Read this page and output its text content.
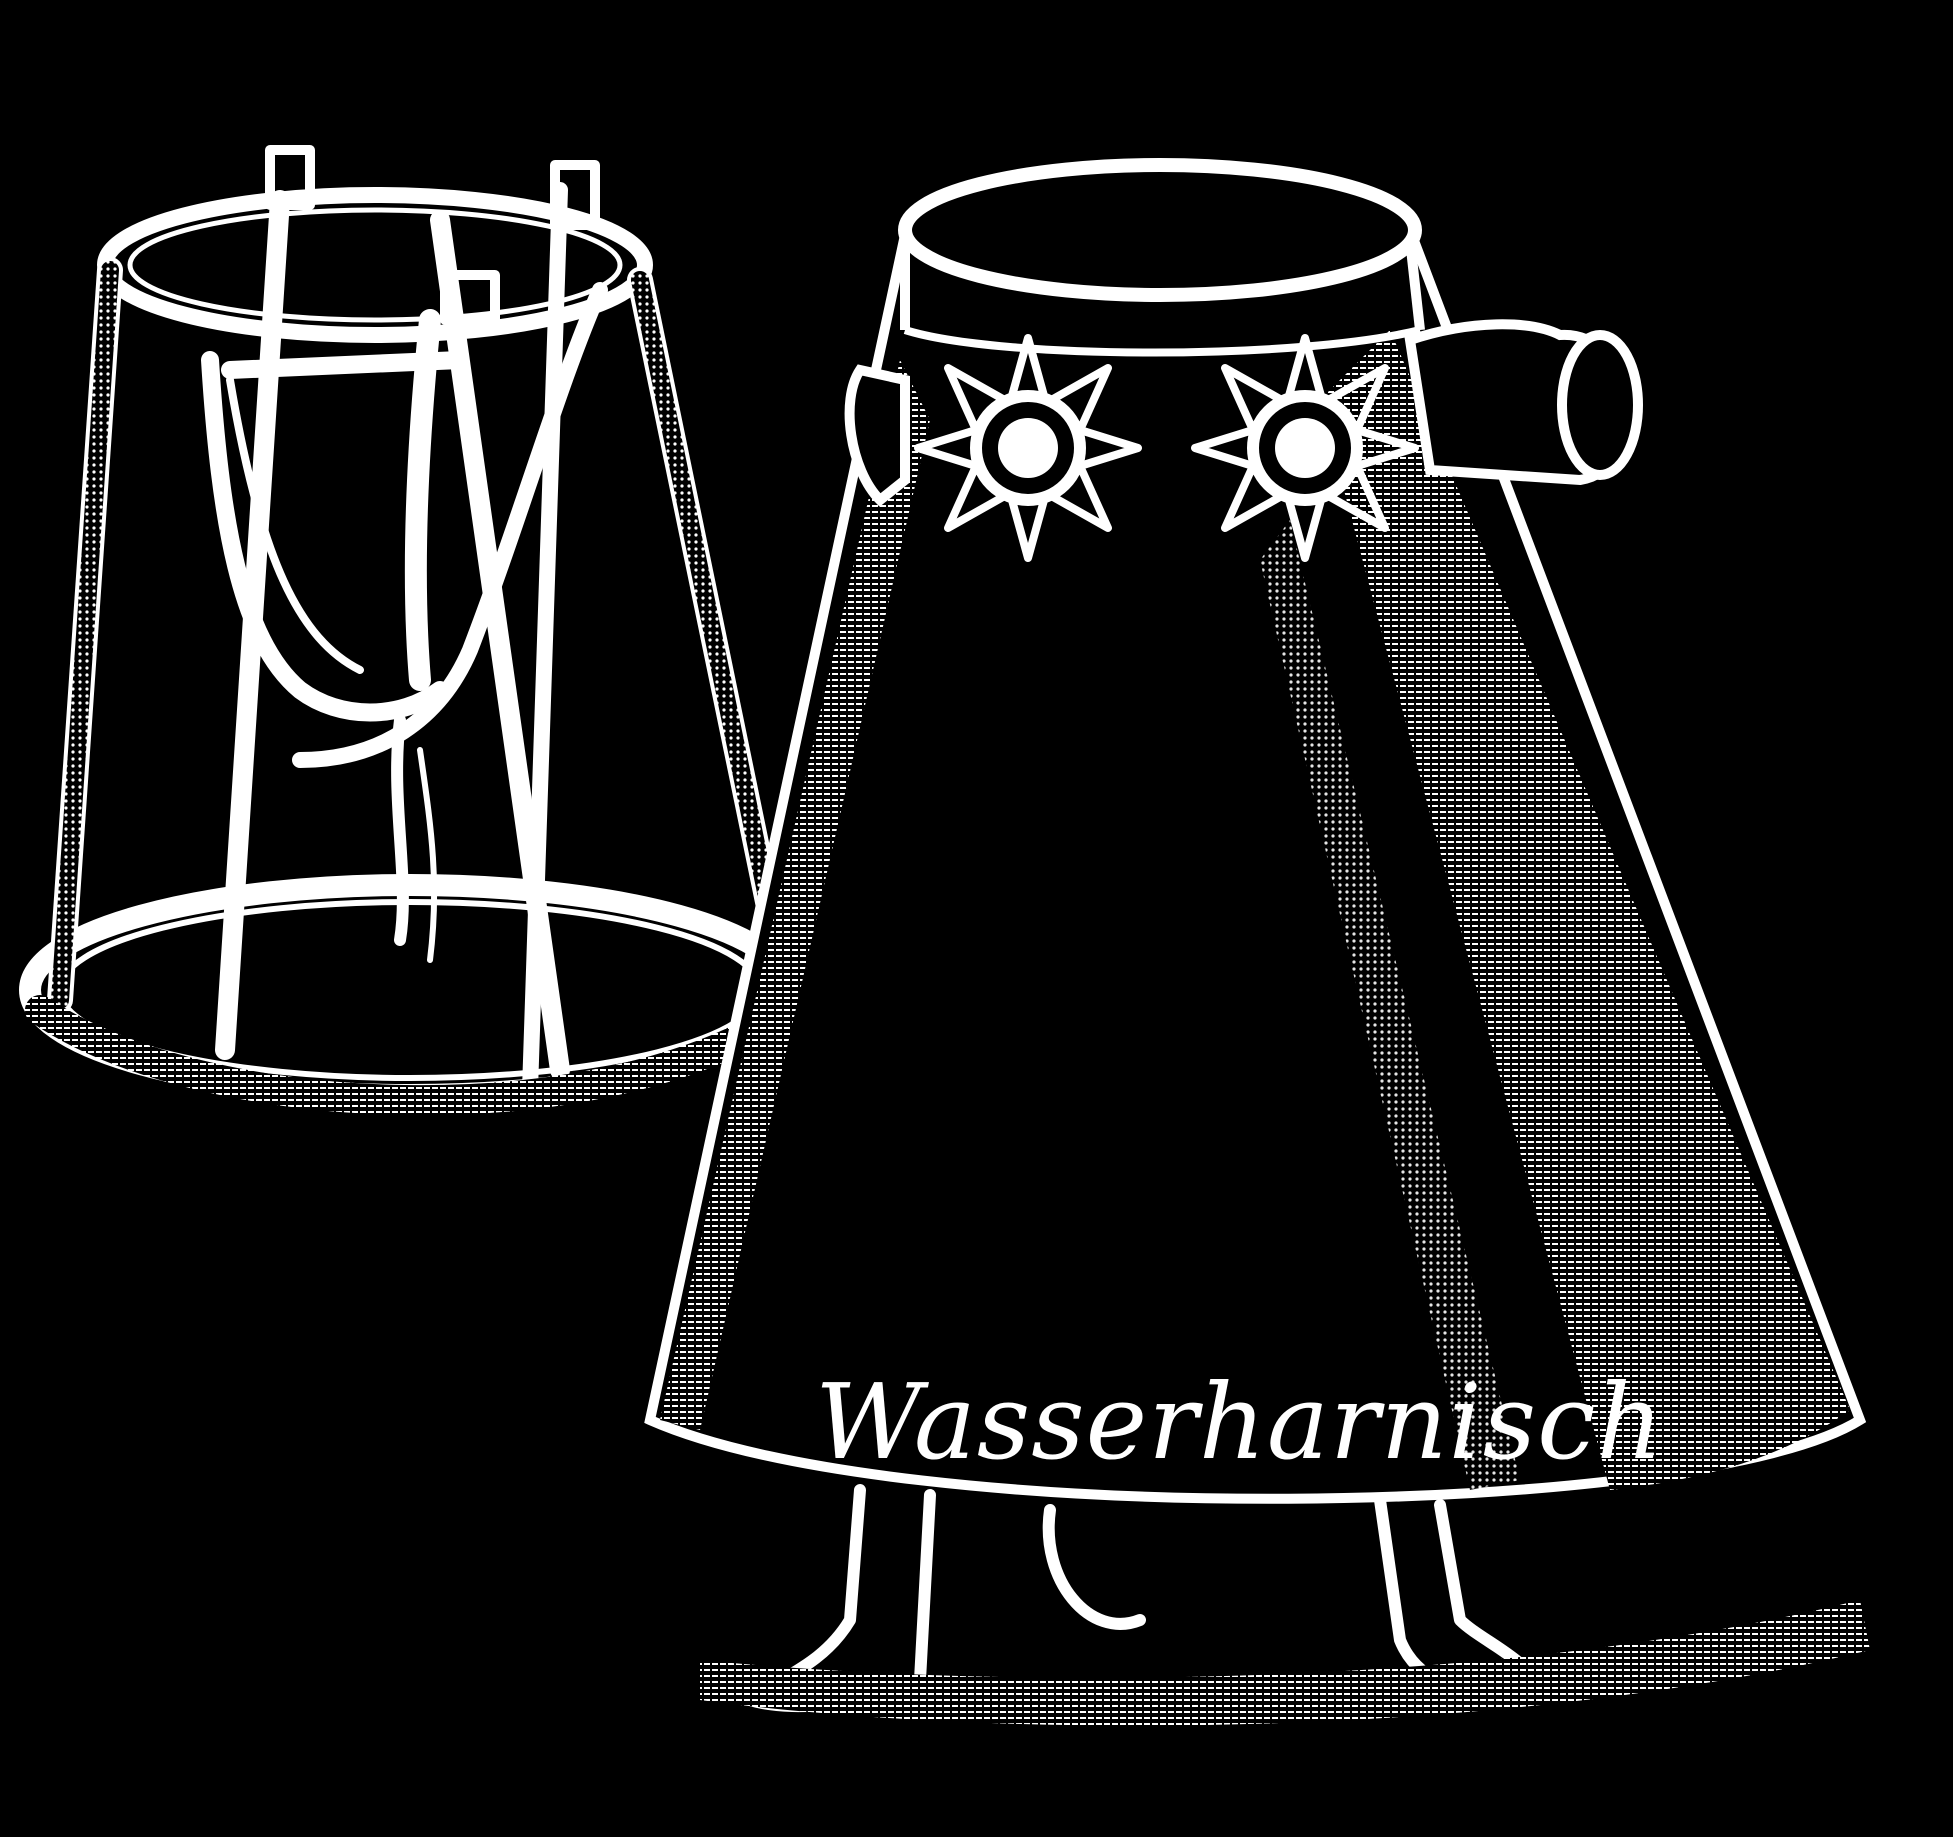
Wasserharnisch
